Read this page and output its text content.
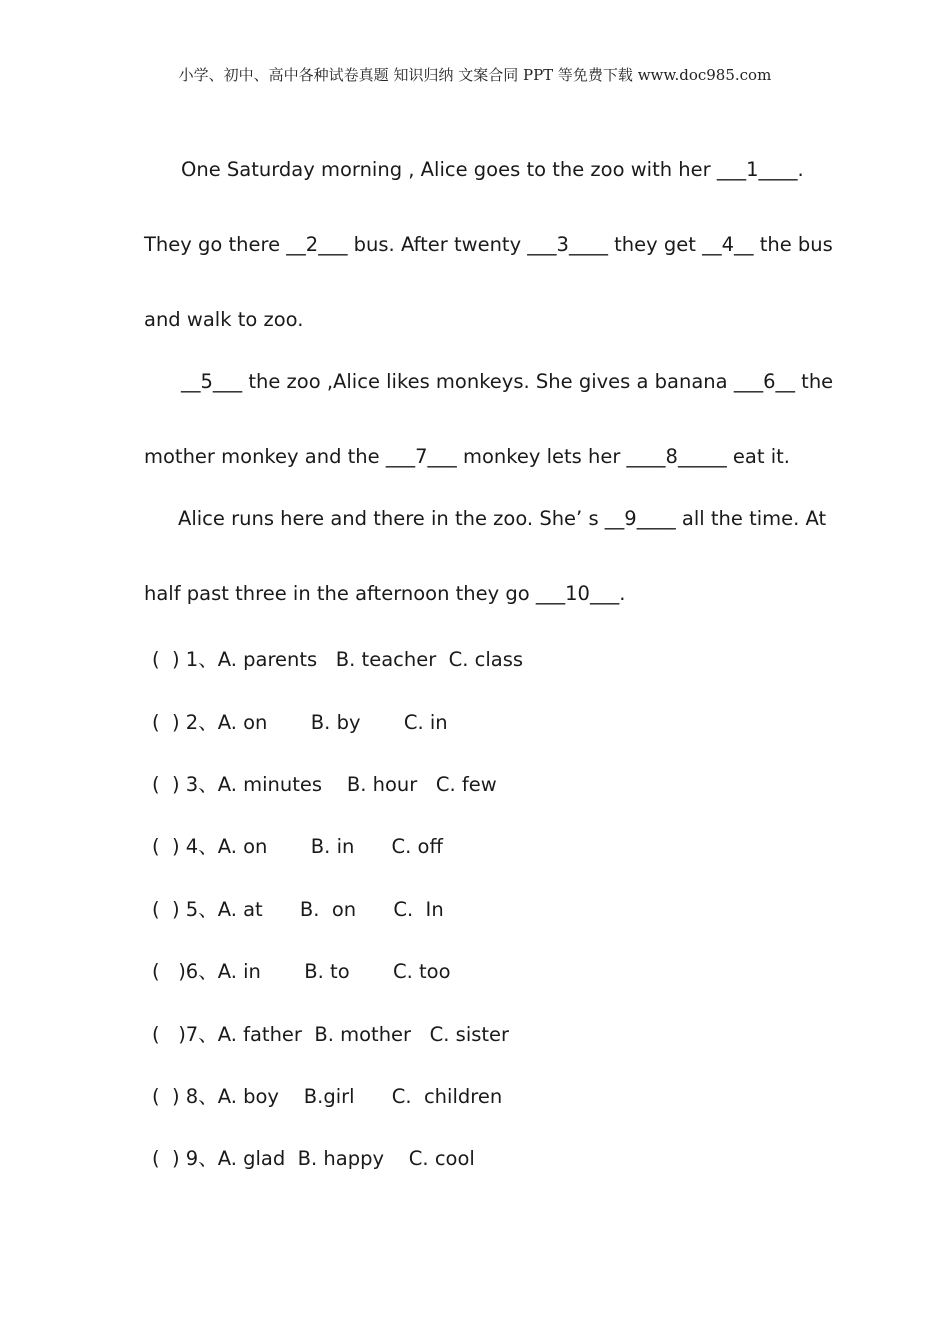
小学、初中、高中各种试卷真题 知识归纳 文案合同 PPT 等免费下载 www.doc985.com
One Saturday morning , Alice goes to the zoo with her ___1____.
They go there __2___ bus. After twenty ___3____ they get __4__ the bus
and walk to zoo.
__5___ the zoo ,Alice likes monkeys. She gives a banana ___6__ the
mother monkey and the ___7___ monkey lets her ____8_____ eat it.
Alice runs here and there in the zoo. She’ s __9____ all the time. At
half past three in the afternoon they go ___10___.
(  ) 1、A. parents   B. teacher  C. class
(  ) 2、A. on       B. by       C. in
(  ) 3、A. minutes    B. hour   C. few
(  ) 4、A. on       B. in      C. off
(  ) 5、A. at      B.  on      C.  In
(   )6、A. in       B. to       C. too
(   )7、A. father  B. mother   C. sister
(  ) 8、A. boy    B.girl      C.  children
(  ) 9、A. glad  B. happy    C. cool
